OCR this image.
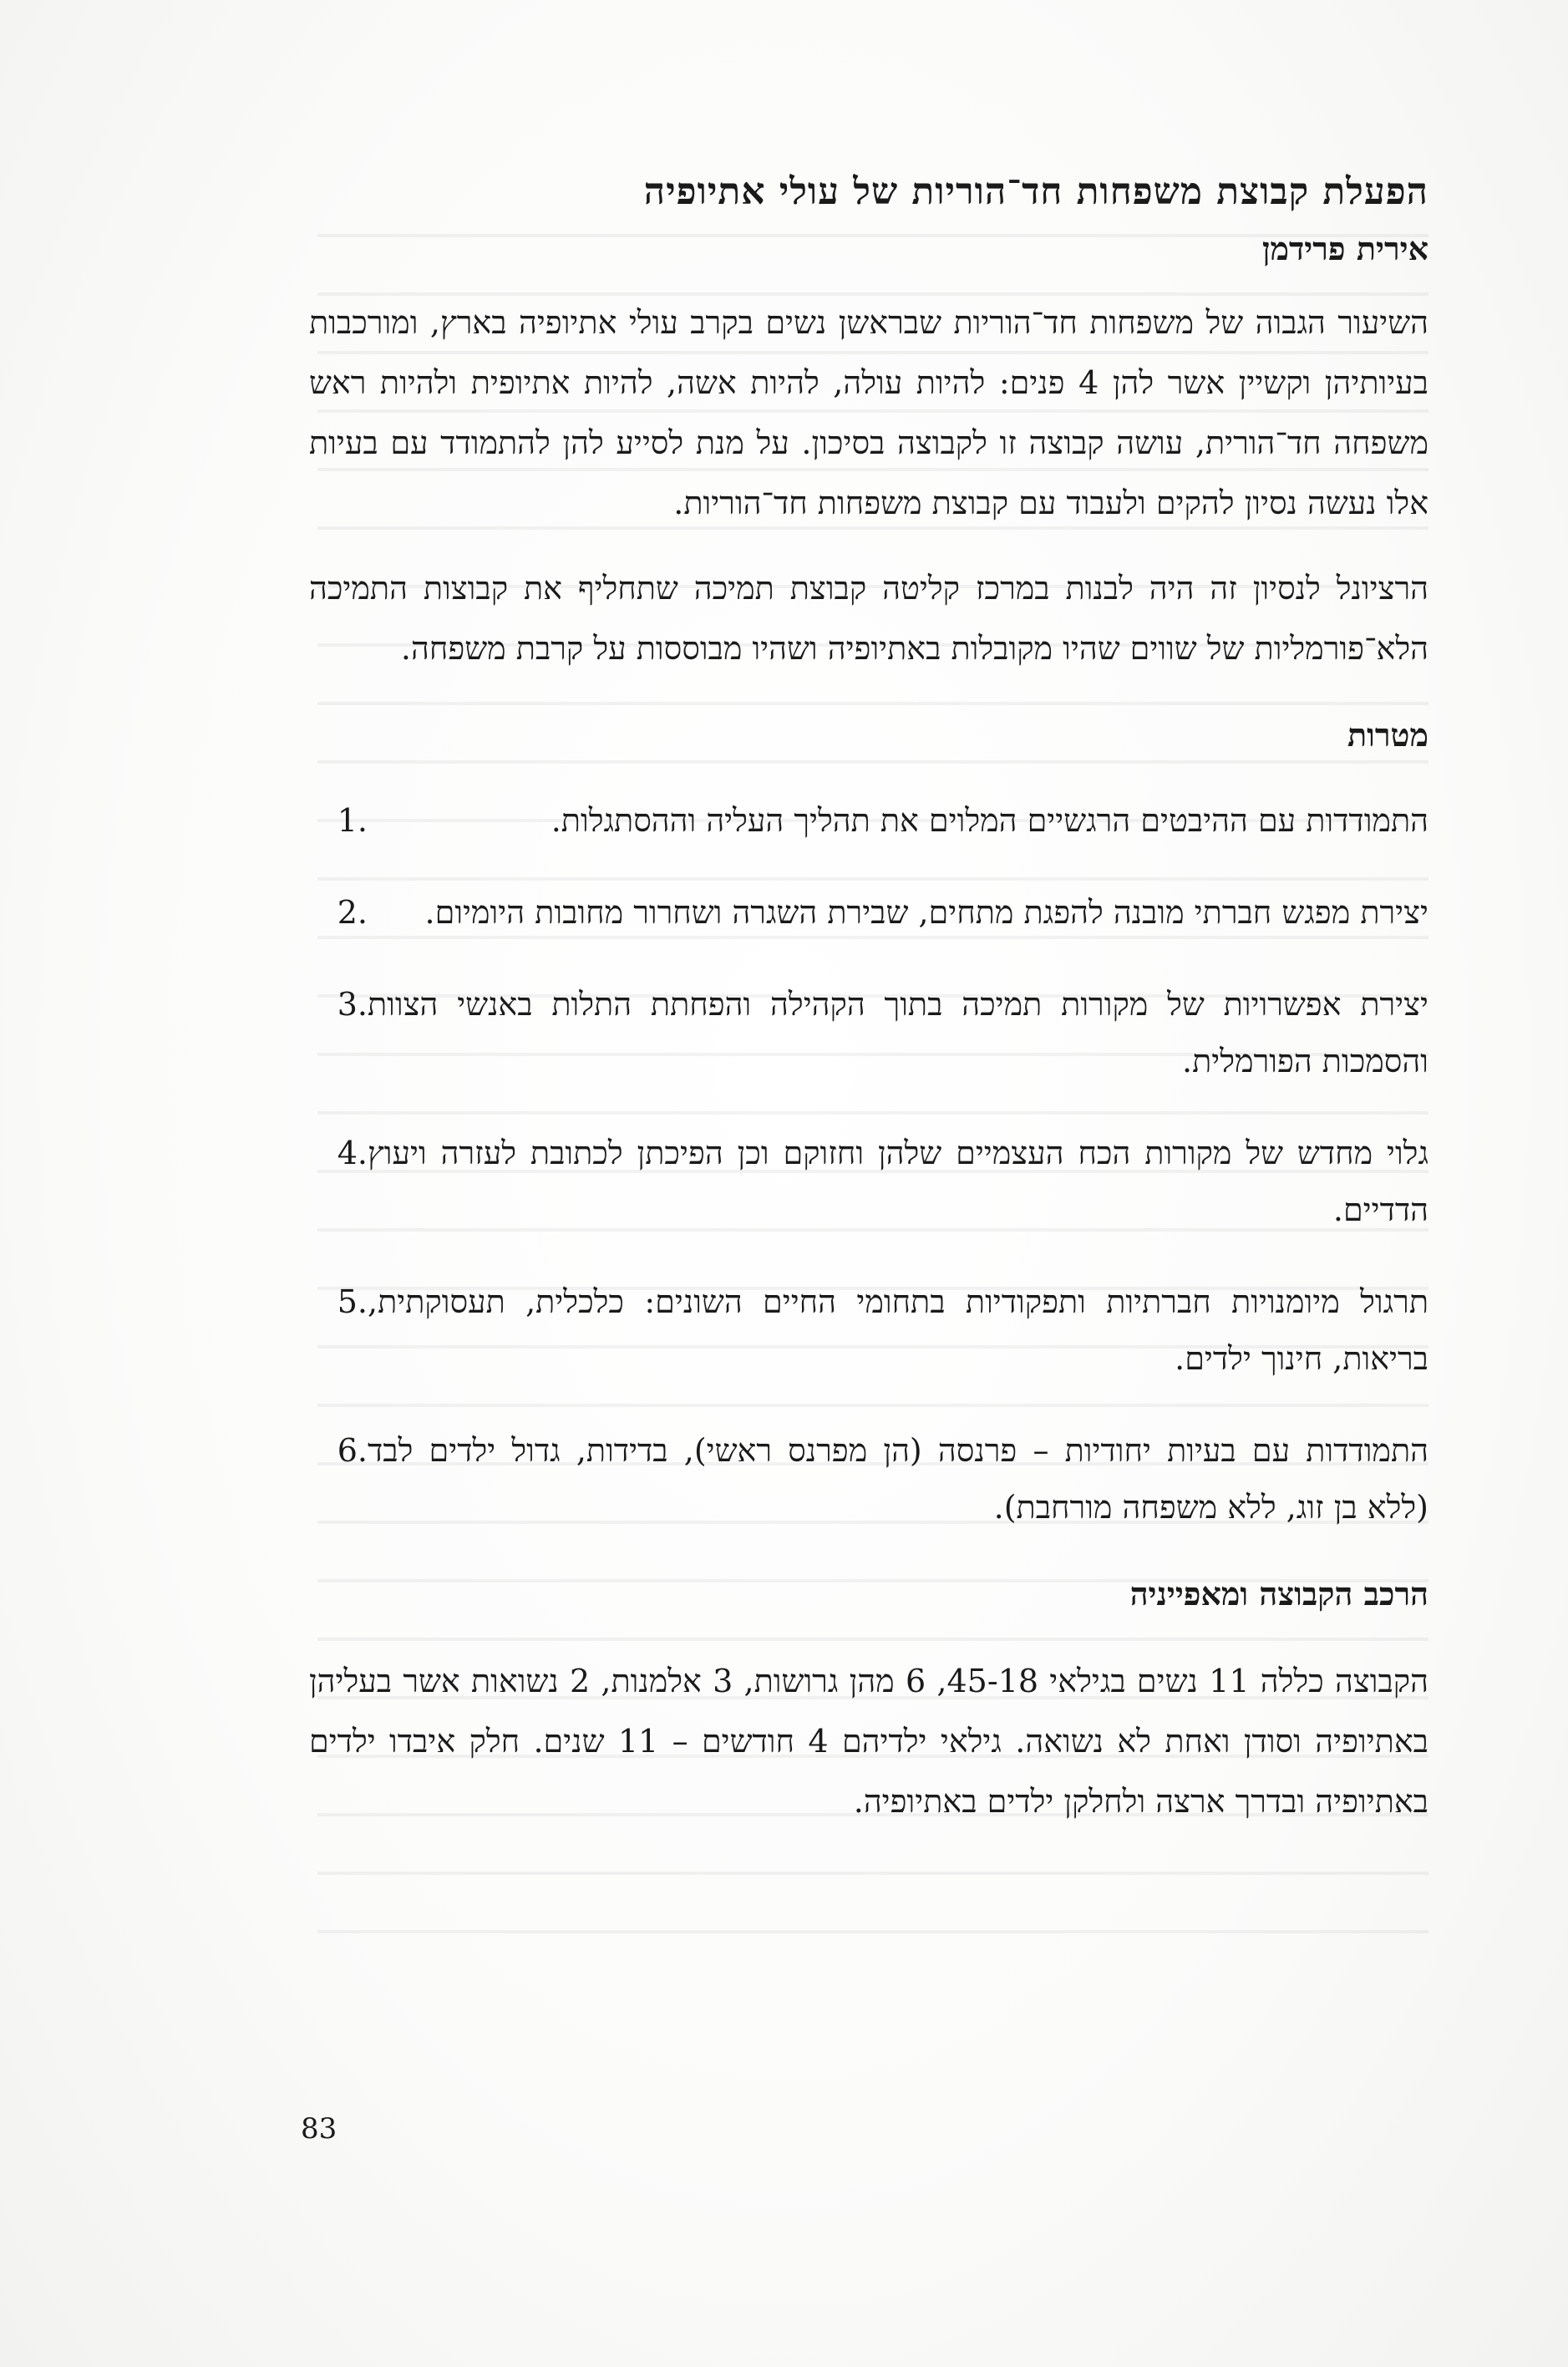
הפעלת קבוצת משפחות חד־הוריות של עולי אתיופיה
אירית פרידמן

השיעור הגבוה של משפחות חד־הוריות שבראשן נשים בקרב עולי אתיופיה בארץ, ומורכבות בעיותיהן וקשיין אשר להן 4 פנים: להיות עולה, להיות אשה, להיות אתיופית ולהיות ראש משפחה חד־הורית, עושה קבוצה זו לקבוצה בסיכון. על מנת לסייע להן להתמודד עם בעיות אלו נעשה נסיון להקים ולעבוד עם קבוצת משפחות חד־הוריות.

הרציונל לנסיון זה היה לבנות במרכז קליטה קבוצת תמיכה שתחליף את קבוצות התמיכה הלא־פורמליות של שווים שהיו מקובלות באתיופיה ושהיו מבוססות על קרבת משפחה.

מטרות
התמודדות עם ההיבטים הרגשיים המלוים את תהליך העליה וההסתגלות.
1.
יצירת מפגש חברתי מובנה להפגת מתחים, שבירת השגרה ושחרור מחובות היומיום.
2.
יצירת אפשרויות של מקורות תמיכה בתוך הקהילה והפחתת התלות באנשי הצוות והסמכות הפורמלית.
3.
גלוי מחדש של מקורות הכח העצמיים שלהן וחזוקם וכן הפיכתן לכתובת לעזרה ויעוץ הדדיים.
4.
תרגול מיומנויות חברתיות ותפקודיות בתחומי החיים השונים: כלכלית, תעסוקתית, בריאות, חינוך ילדים.
5.
התמודדות עם בעיות יחודיות – פרנסה (הן מפרנס ראשי), בדידות, גדול ילדים לבד (ללא בן זוג, ללא משפחה מורחבת).
6.
הרכב הקבוצה ומאפייניה

הקבוצה כללה 11 נשים בגילאי 45-18, 6 מהן גרושות, 3 אלמנות, 2 נשואות אשר בעליהן באתיופיה וסודן ואחת לא נשואה. גילאי ילדיהם 4 חודשים – 11 שנים. חלק איבדו ילדים באתיופיה ובדרך ארצה ולחלקן ילדים באתיופיה.

83
